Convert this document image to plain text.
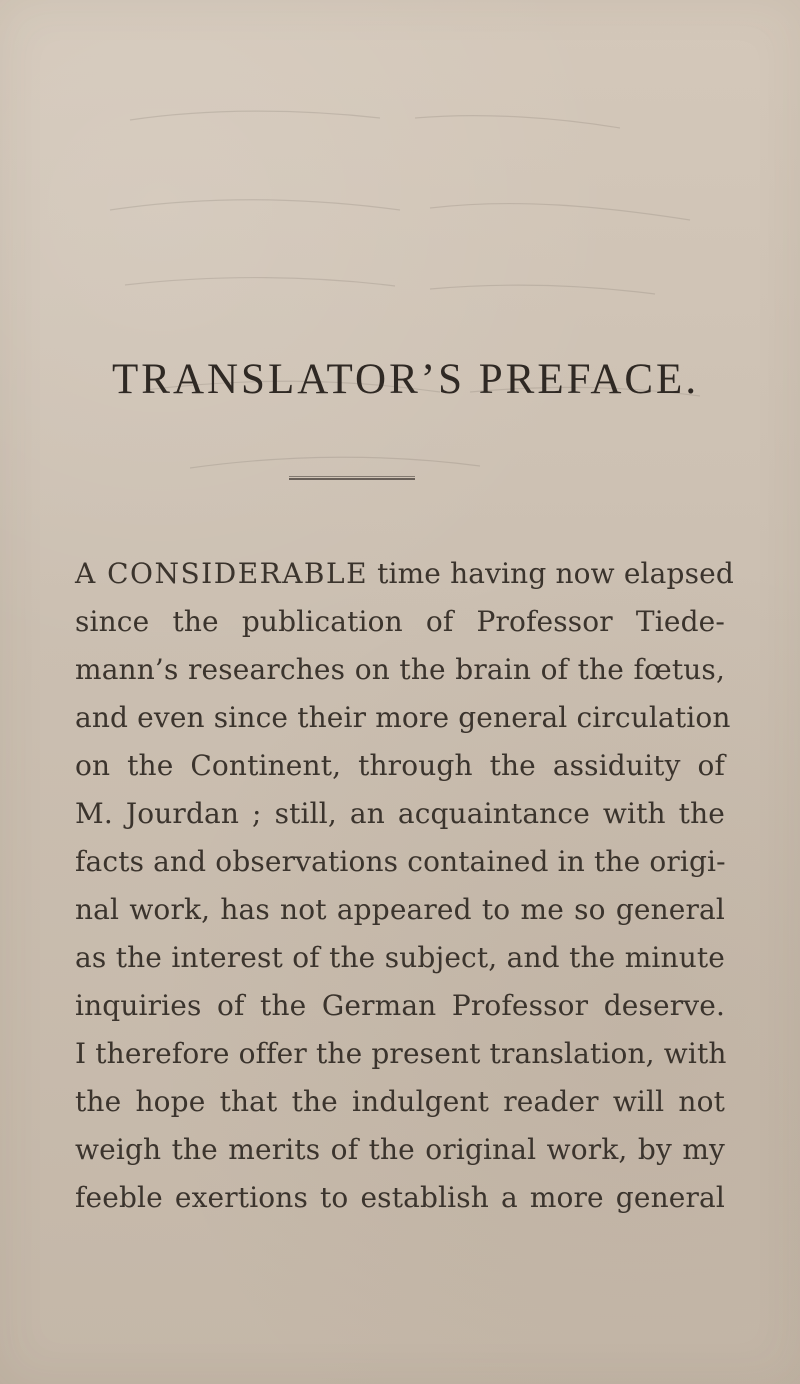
TRANSLATOR’S PREFACE.
A CONSIDERABLE time having now elapsed
since the publication of Professor Tiede-
mann’s researches on the brain of the fœtus,
and even since their more general circulation
on the Continent, through the assiduity of
M. Jourdan ; still, an acquaintance with the
facts and observations contained in the origi-
nal work, has not appeared to me so general
as the interest of the subject, and the minute
inquiries of the German Professor deserve.
I therefore offer the present translation, with
the hope that the indulgent reader will not
weigh the merits of the original work, by my
feeble exertions to establish a more general
